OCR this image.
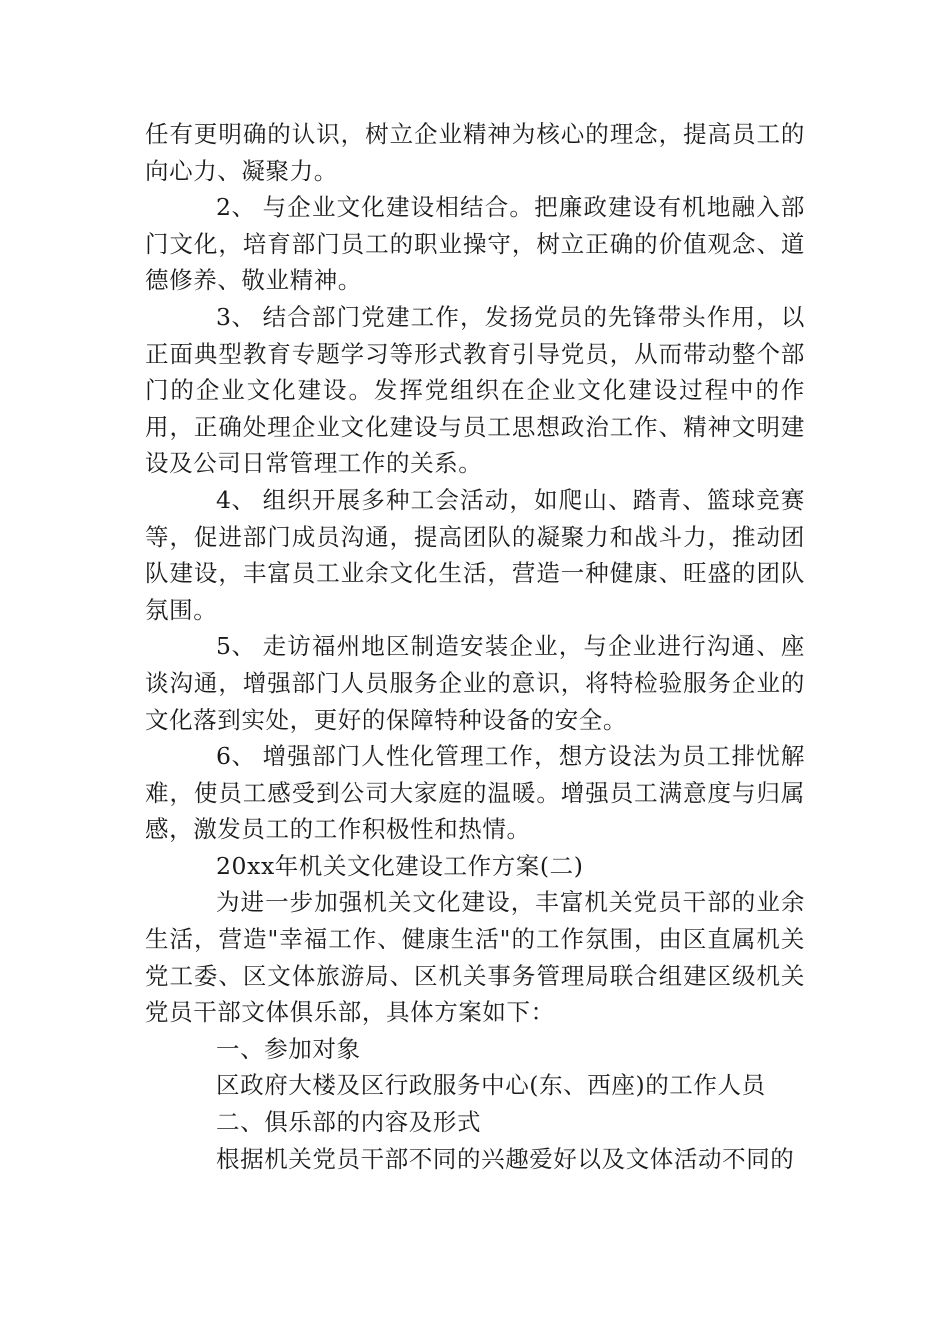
任有更明确的认识，树立企业精神为核心的理念，提高员工的向心力、凝聚力。

2、 与企业文化建设相结合。把廉政建设有机地融入部门文化，培育部门员工的职业操守，树立正确的价值观念、道德修养、敬业精神。

3、 结合部门党建工作，发扬党员的先锋带头作用，以正面典型教育专题学习等形式教育引导党员，从而带动整个部门的企业文化建设。发挥党组织在企业文化建设过程中的作用，正确处理企业文化建设与员工思想政治工作、精神文明建设及公司日常管理工作的关系。

4、 组织开展多种工会活动，如爬山、踏青、篮球竞赛等，促进部门成员沟通，提高团队的凝聚力和战斗力，推动团队建设，丰富员工业余文化生活，营造一种健康、旺盛的团队氛围。

5、 走访福州地区制造安装企业，与企业进行沟通、座谈沟通，增强部门人员服务企业的意识，将特检验服务企业的文化落到实处，更好的保障特种设备的安全。

6、 增强部门人性化管理工作，想方设法为员工排忧解难，使员工感受到公司大家庭的温暖。增强员工满意度与归属感，激发员工的工作积极性和热情。

20xx年机关文化建设工作方案(二)

为进一步加强机关文化建设，丰富机关党员干部的业余生活，营造"幸福工作、健康生活"的工作氛围，由区直属机关党工委、区文体旅游局、区机关事务管理局联合组建区级机关党员干部文体俱乐部，具体方案如下：

一、参加对象

区政府大楼及区行政服务中心(东、西座)的工作人员

二、俱乐部的内容及形式

根据机关党员干部不同的兴趣爱好以及文体活动不同的
